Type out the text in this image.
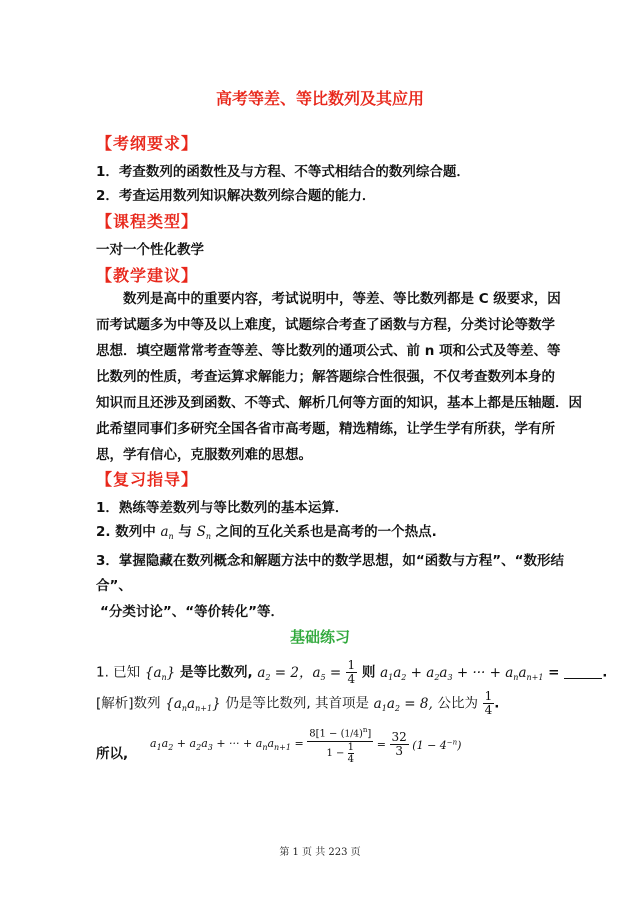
高考等差、等比数列及其应用
【考纲要求】
1．考查数列的函数性及与方程、不等式相结合的数列综合题．
2．考查运用数列知识解决数列综合题的能力．
【课程类型】
一对一个性化教学
【教学建议】
数列是高中的重要内容，考试说明中，等差、等比数列都是 C 级要求，因
而考试题多为中等及以上难度，试题综合考查了函数与方程，分类讨论等数学
思想．填空题常常考查等差、等比数列的通项公式、前 n 项和公式及等差、等
比数列的性质，考查运算求解能力；解答题综合性很强，不仅考查数列本身的
知识而且还涉及到函数、不等式、解析几何等方面的知识，基本上都是压轴题．因
此希望同事们多研究全国各省市高考题，精选精练，让学生学有所获，学有所
思，学有信心，克服数列难的思想。
【复习指导】
1．熟练等差数列与等比数列的基本运算．
2. 数列中 $a_n$ 与 $S_n$ 之间的互化关系也是高考的一个热点.
3．掌握隐藏在数列概念和解题方法中的数学思想，如“函数与方程”、“数形结
合”、
“分类讨论”、“等价转化”等．
基础练习
1. 已知 $\{a_n\}$ 是等比数列, $a_2 = 2$，$a_5 = \frac{1}{4}$ 则 $a_1a_2 + a_2a_3$ + ··· + $a_na_{n+1}$ =	.
[解析]数列 $\{a_na_{n+1}\}$ 仍是等比数列, 其首项是 $a_1a_2 = 8$, 公比为 $\frac{1}{4}$ .
所以,
$a_1a_2 + a_2a_3$ + ··· + $a_na_{n+1} = \frac{8[1 - (1/4)^n]}{1 - \frac{1}{4}} = \frac{32}{3} (1 - 4^{-n})$
第 1 页 共 223 页
